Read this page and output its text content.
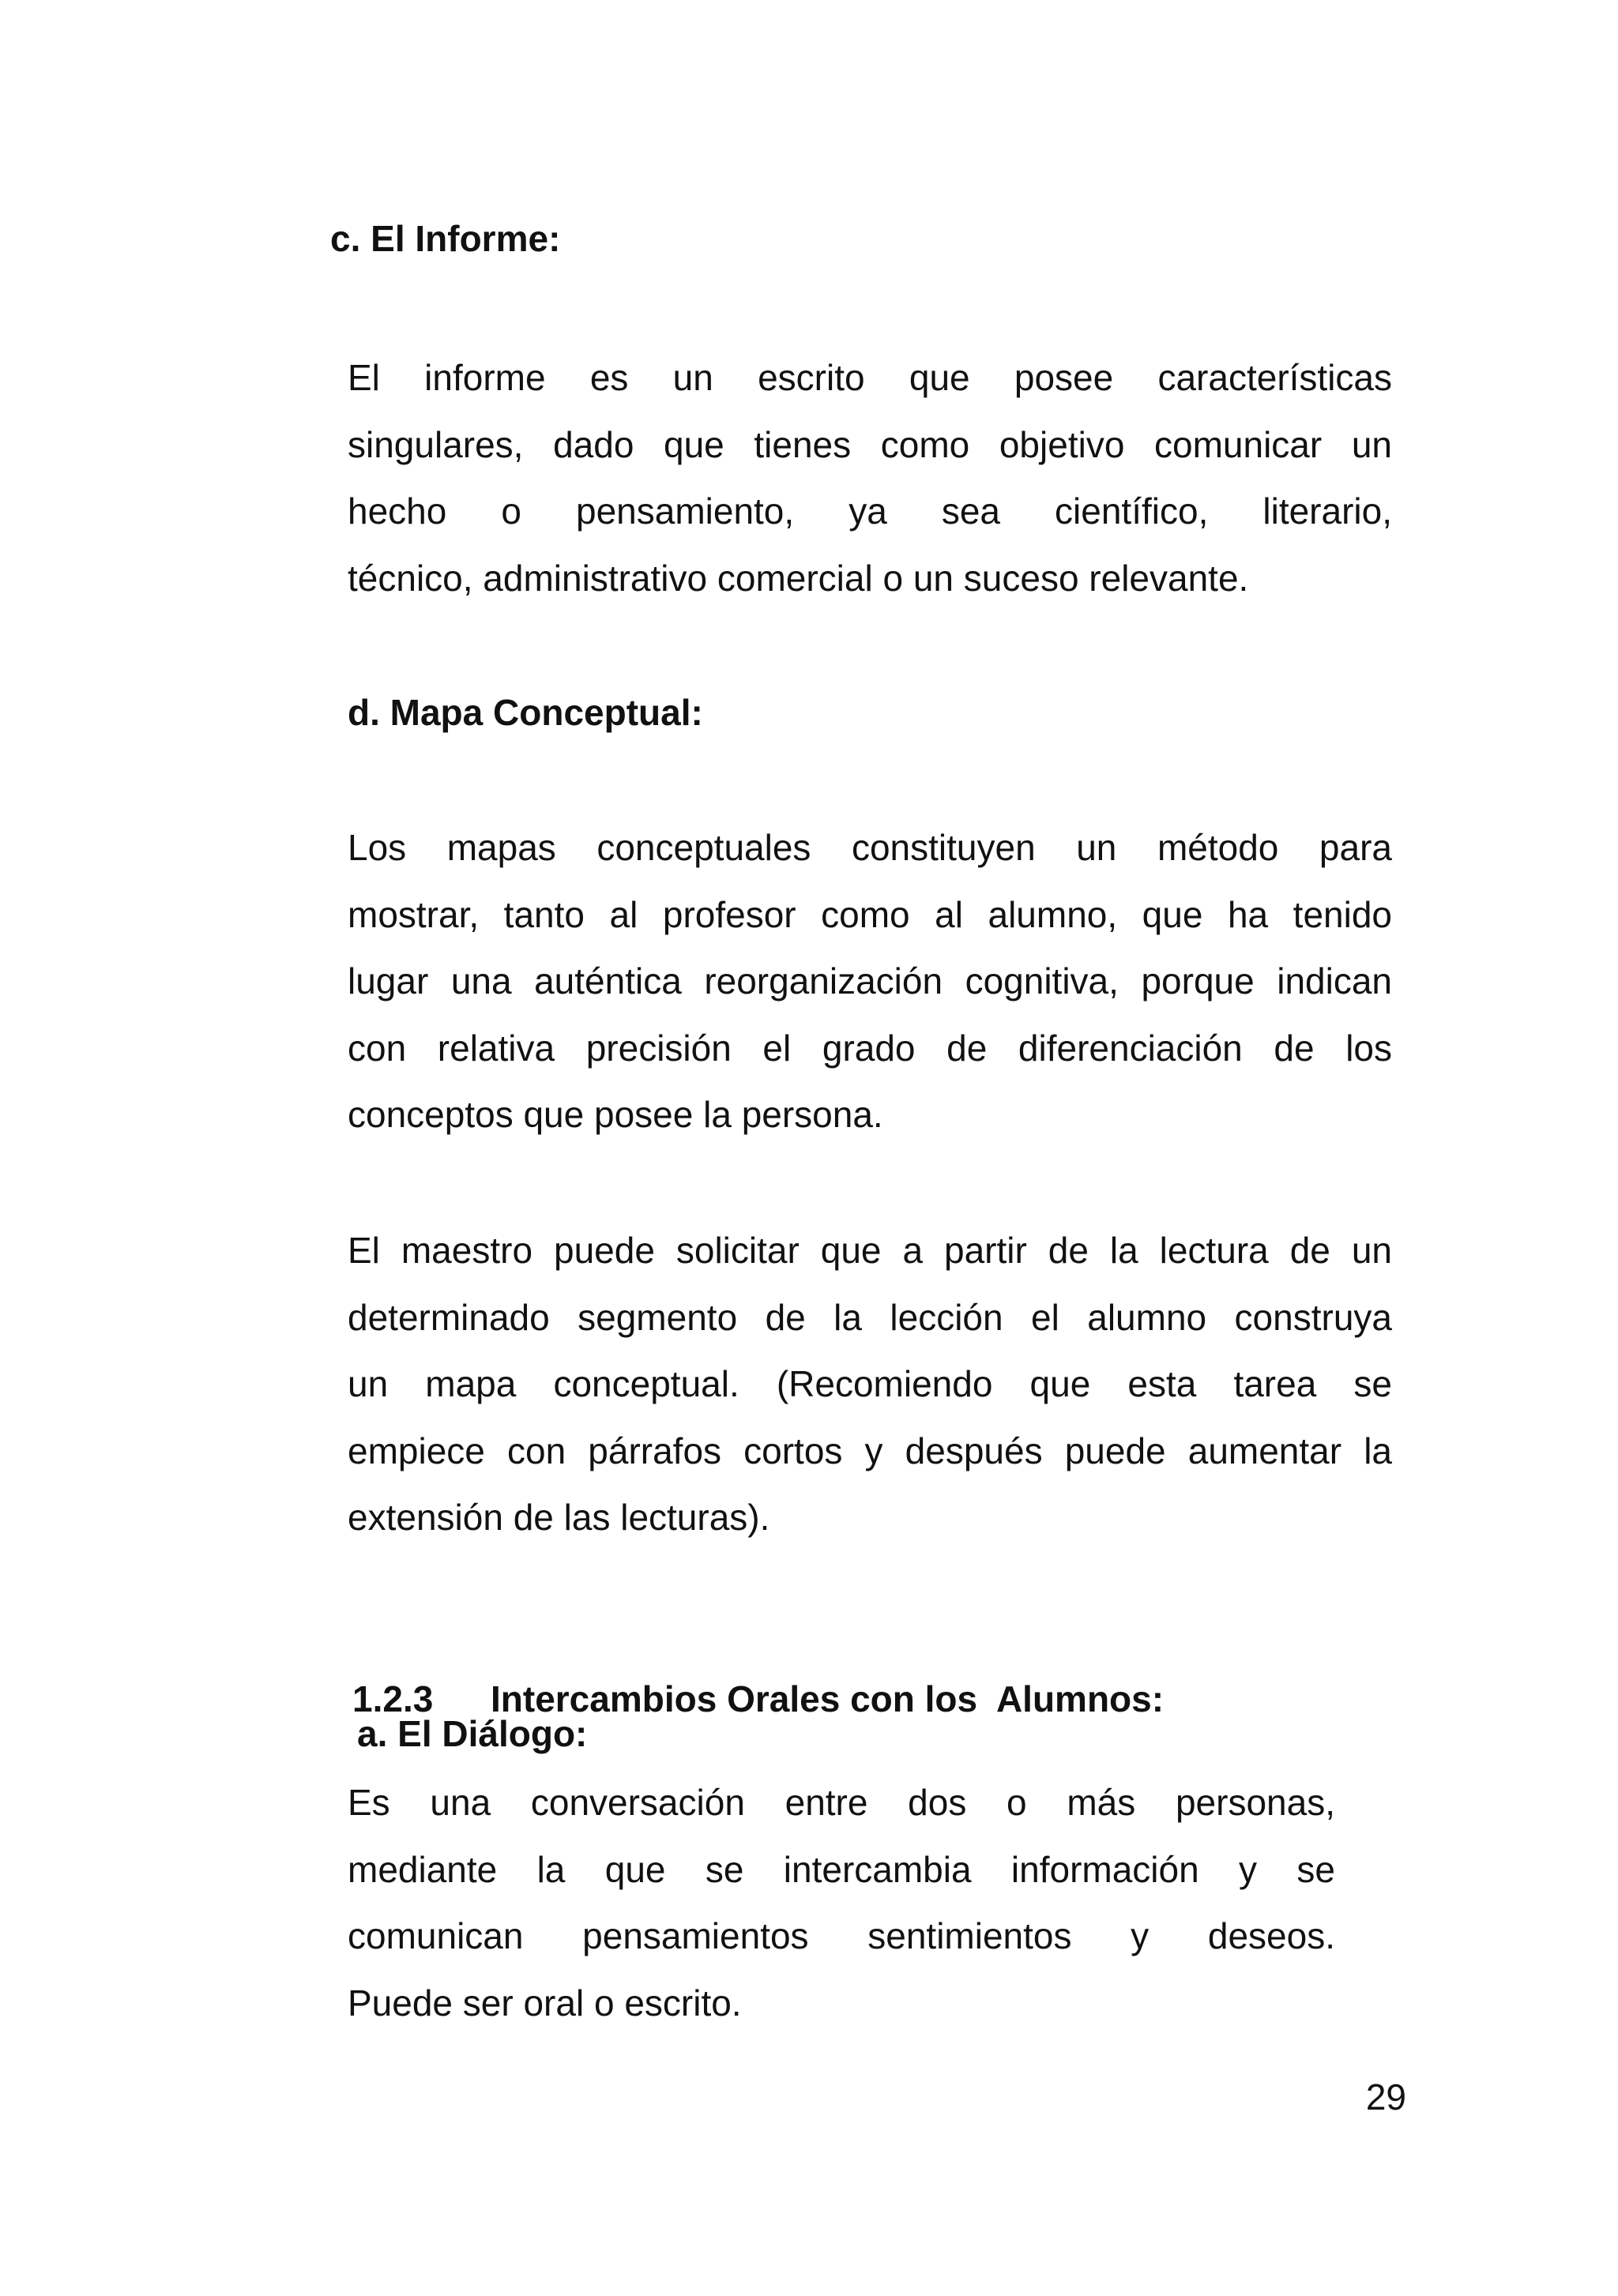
c. El Informe:
El informe es un escrito que posee características
singulares, dado que tienes como objetivo comunicar un
hecho o pensamiento, ya sea científico, literario,
técnico, administrativo comercial o un suceso relevante.
d. Mapa Conceptual:
Los mapas conceptuales constituyen un método para
mostrar, tanto al profesor como al alumno, que ha tenido
lugar una auténtica reorganización cognitiva, porque indican
con relativa precisión el grado de diferenciación de los
conceptos que posee la persona.
El maestro puede solicitar que a partir de la lectura de un
determinado segmento de la lección el alumno construya
un mapa conceptual. (Recomiendo que esta tarea se
empiece con párrafos cortos y después puede aumentar la
extensión de las lecturas).
1.2.3 Intercambios Orales con los  Alumnos:
a. El Diálogo:
Es una conversación entre dos o más personas,
mediante la que se intercambia información y se
comunican pensamientos sentimientos y deseos.
Puede ser oral o escrito.
29
